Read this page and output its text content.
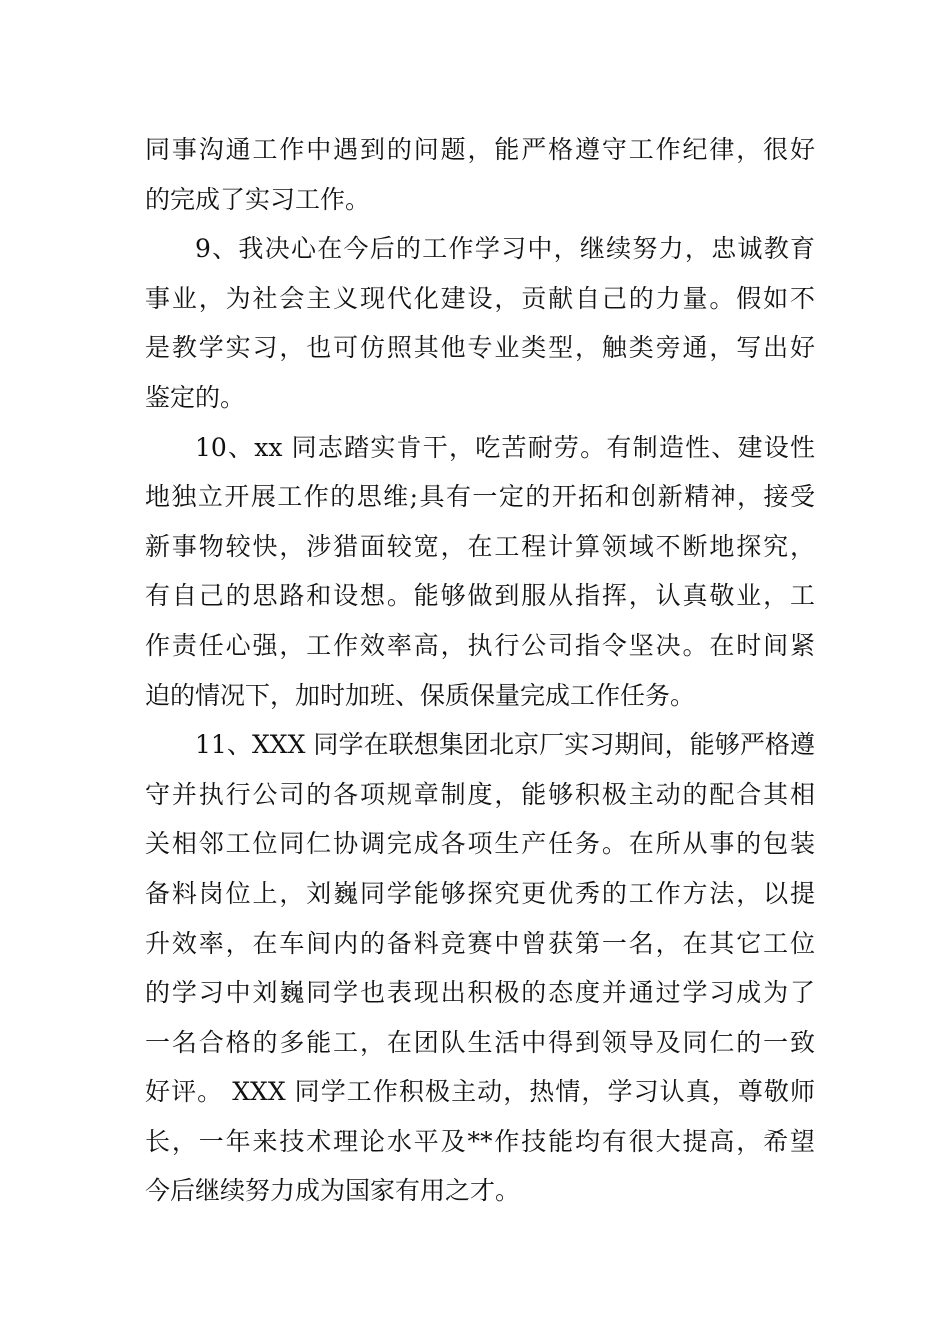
同事沟通工作中遇到的问题，能严格遵守工作纪律，很好
的完成了实习工作。
9、我决心在今后的工作学习中，继续努力，忠诚教育
事业，为社会主义现代化建设，贡献自己的力量。假如不
是教学实习，也可仿照其他专业类型，触类旁通，写出好
鉴定的。
10、xx 同志踏实肯干，吃苦耐劳。有制造性、建设性
地独立开展工作的思维;具有一定的开拓和创新精神，接受
新事物较快，涉猎面较宽，在工程计算领域不断地探究，
有自己的思路和设想。能够做到服从指挥，认真敬业，工
作责任心强，工作效率高，执行公司指令坚决。在时间紧
迫的情况下，加时加班、保质保量完成工作任务。
11、XXX 同学在联想集团北京厂实习期间，能够严格遵
守并执行公司的各项规章制度，能够积极主动的配合其相
关相邻工位同仁协调完成各项生产任务。在所从事的包装
备料岗位上，刘巍同学能够探究更优秀的工作方法，以提
升效率，在车间内的备料竞赛中曾获第一名，在其它工位
的学习中刘巍同学也表现出积极的态度并通过学习成为了
一名合格的多能工，在团队生活中得到领导及同仁的一致
好评。 XXX 同学工作积极主动，热情，学习认真，尊敬师
长，一年来技术理论水平及**作技能均有很大提高，希望
今后继续努力成为国家有用之才。
